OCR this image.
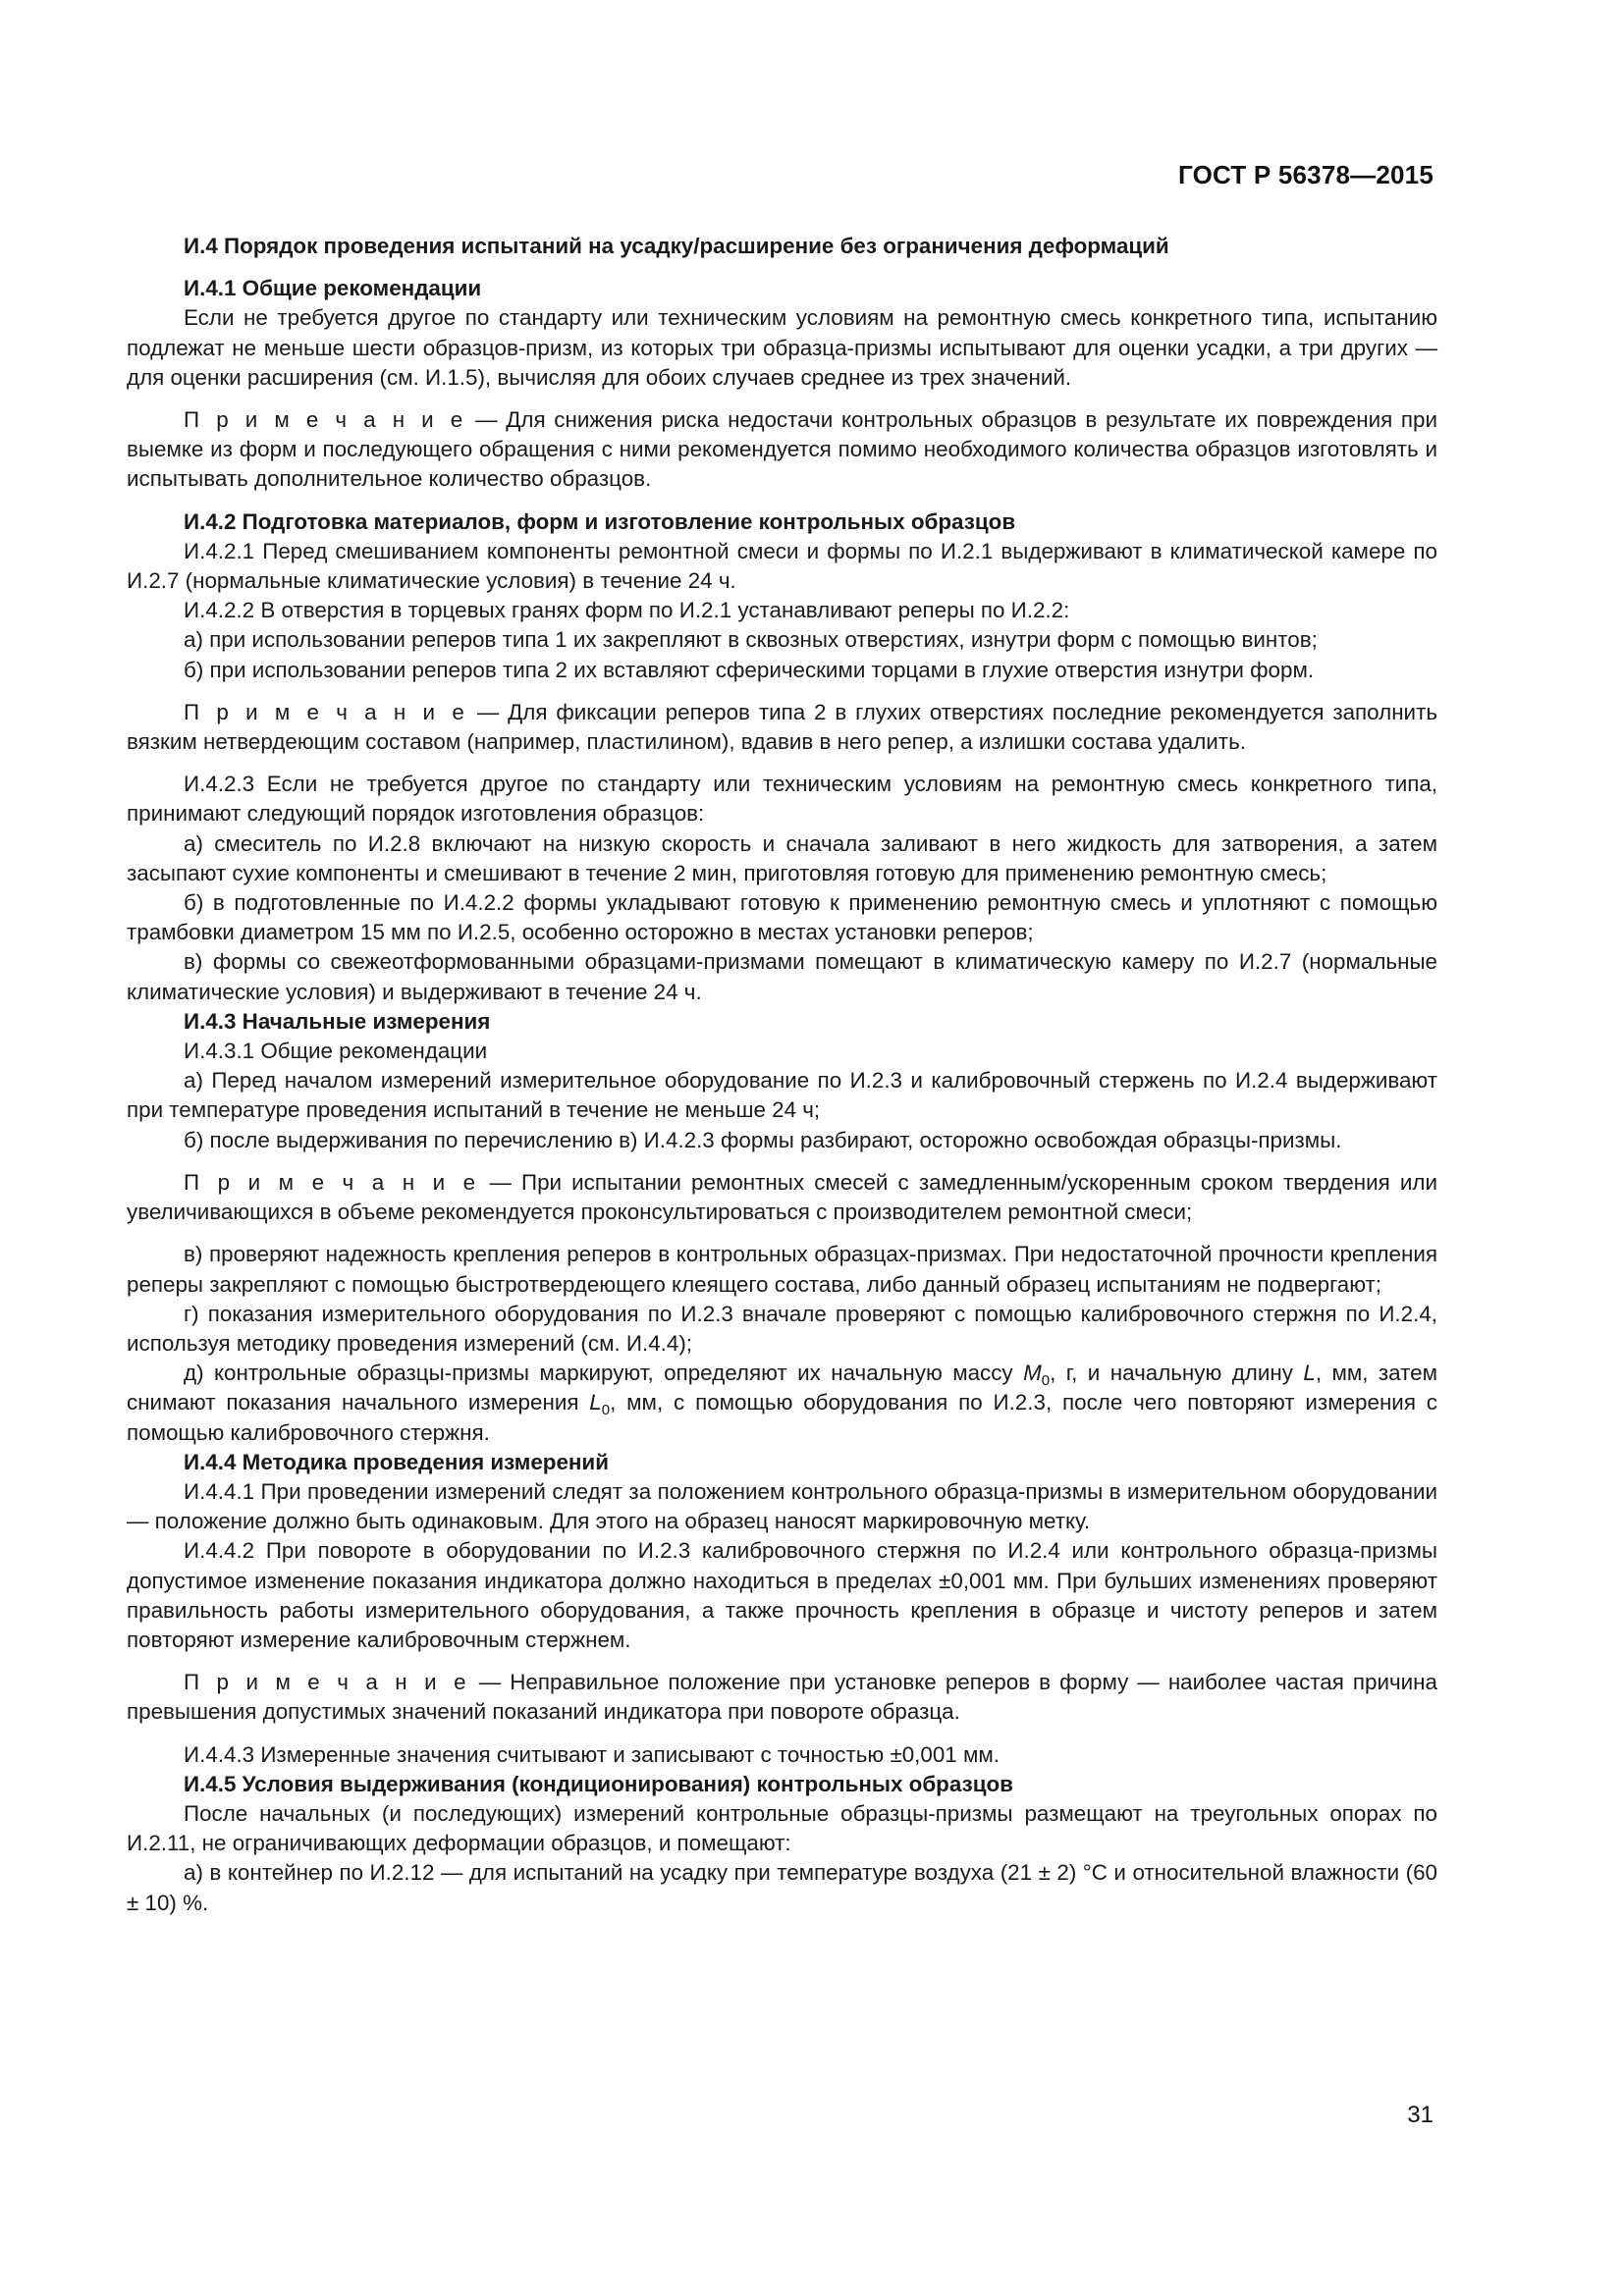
ГОСТ Р 56378—2015

И.4 Порядок проведения испытаний на усадку/расширение без ограничения деформаций

И.4.1 Общие рекомендации

Если не требуется другое по стандарту или техническим условиям на ремонтную смесь конкретного типа, испытанию подлежат не меньше шести образцов-призм, из которых три образца-призмы испытывают для оценки усадки, а три других — для оценки расширения (см. И.1.5), вычисляя для обоих случаев среднее из трех значений.

П р и м е ч а н и е — Для снижения риска недостачи контрольных образцов в результате их повреждения при выемке из форм и последующего обращения с ними рекомендуется помимо необходимого количества образцов изготовлять и испытывать дополнительное количество образцов.

И.4.2 Подготовка материалов, форм и изготовление контрольных образцов

И.4.2.1 Перед смешиванием компоненты ремонтной смеси и формы по И.2.1 выдерживают в климатической камере по И.2.7 (нормальные климатические условия) в течение 24 ч.

И.4.2.2 В отверстия в торцевых гранях форм по И.2.1 устанавливают реперы по И.2.2:

а) при использовании реперов типа 1 их закрепляют в сквозных отверстиях, изнутри форм с помощью винтов;

б) при использовании реперов типа 2 их вставляют сферическими торцами в глухие отверстия изнутри форм.

П р и м е ч а н и е — Для фиксации реперов типа 2 в глухих отверстиях последние рекомендуется заполнить вязким нетвердеющим составом (например, пластилином), вдавив в него репер, а излишки состава удалить.

И.4.2.3 Если не требуется другое по стандарту или техническим условиям на ремонтную смесь конкретного типа, принимают следующий порядок изготовления образцов:

а) смеситель по И.2.8 включают на низкую скорость и сначала заливают в него жидкость для затворения, а затем засыпают сухие компоненты и смешивают в течение 2 мин, приготовляя готовую для применению ремонтную смесь;

б) в подготовленные по И.4.2.2 формы укладывают готовую к применению ремонтную смесь и уплотняют с помощью трамбовки диаметром 15 мм по И.2.5, особенно осторожно в местах установки реперов;

в) формы со свежеотформованными образцами-призмами помещают в климатическую камеру по И.2.7 (нормальные климатические условия) и выдерживают в течение 24 ч.

И.4.3 Начальные измерения

И.4.3.1 Общие рекомендации

а) Перед началом измерений измерительное оборудование по И.2.3 и калибровочный стержень по И.2.4 выдерживают при температуре проведения испытаний в течение не меньше 24 ч;

б) после выдерживания по перечислению в) И.4.2.3 формы разбирают, осторожно освобождая образцы-призмы.

П р и м е ч а н и е — При испытании ремонтных смесей с замедленным/ускоренным сроком твердения или увеличивающихся в объеме рекомендуется проконсультироваться с производителем ремонтной смеси;

в) проверяют надежность крепления реперов в контрольных образцах-призмах. При недостаточной прочности крепления реперы закрепляют с помощью быстротвердеющего клеящего состава, либо данный образец испытаниям не подвергают;

г) показания измерительного оборудования по И.2.3 вначале проверяют с помощью калибровочного стержня по И.2.4, используя методику проведения измерений (см. И.4.4);

д) контрольные образцы-призмы маркируют, определяют их начальную массу $M_0$, г, и начальную длину L, мм, затем снимают показания начального измерения $L_0$, мм, с помощью оборудования по И.2.3, после чего повторяют измерения с помощью калибровочного стержня.

И.4.4 Методика проведения измерений

И.4.4.1 При проведении измерений следят за положением контрольного образца-призмы в измерительном оборудовании — положение должно быть одинаковым. Для этого на образец наносят маркировочную метку.

И.4.4.2 При повороте в оборудовании по И.2.3 калибровочного стержня по И.2.4 или контрольного образца-призмы допустимое изменение показания индикатора должно находиться в пределах ±0,001 мм. При бульших изменениях проверяют правильность работы измерительного оборудования, а также прочность крепления в образце и чистоту реперов и затем повторяют измерение калибровочным стержнем.

П р и м е ч а н и е — Неправильное положение при установке реперов в форму — наиболее частая причина превышения допустимых значений показаний индикатора при повороте образца.

И.4.4.3 Измеренные значения считывают и записывают с точностью ±0,001 мм.

И.4.5 Условия выдерживания (кондиционирования) контрольных образцов

После начальных (и последующих) измерений контрольные образцы-призмы размещают на треугольных опорах по И.2.11, не ограничивающих деформации образцов, и помещают:

а) в контейнер по И.2.12 — для испытаний на усадку при температуре воздуха (21 ± 2) °С и относительной влажности (60 ± 10) %.

31
